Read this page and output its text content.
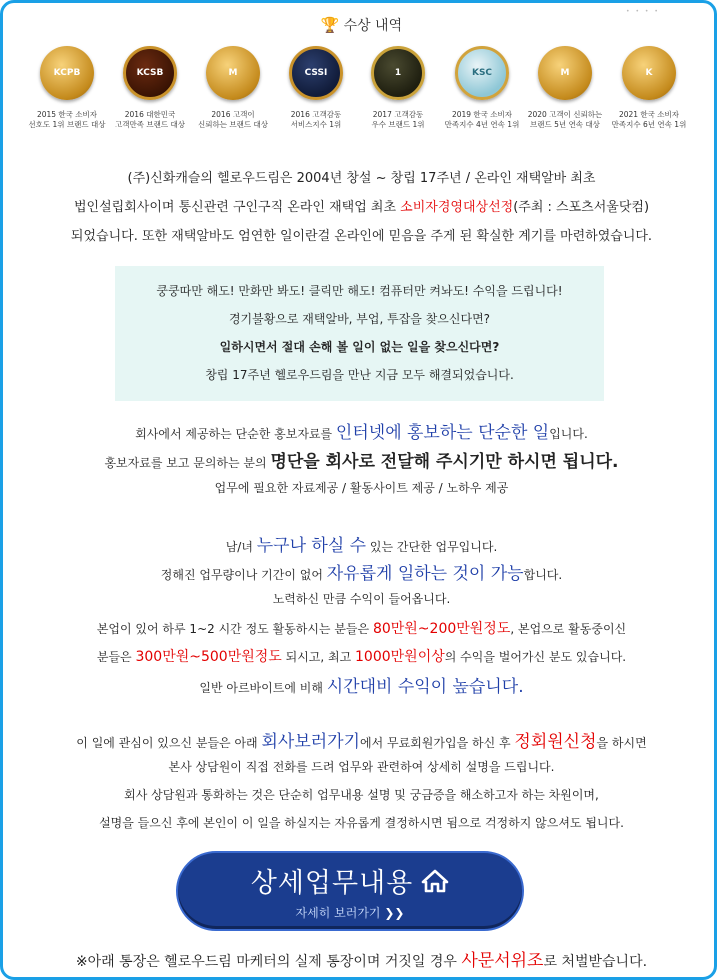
• • • •
🏆 수상 내역
KCPB
2015 한국 소비자
선호도 1위 브랜드 대상
KCSB
2016 대한민국
고객만족 브랜드 대상
M
2016 고객이
신뢰하는 브랜드 대상
CSSI
2016 고객감동
서비스지수 1위
1
2017 고객감동
우수 브랜드 1위
KSC
2019 한국 소비자
만족지수 4년 연속 1위
M
2020 고객이 신뢰하는
브랜드 5년 연속 대상
K
2021 한국 소비자
만족지수 6년 연속 1위
(주)신화캐슬의 헬로우드림은 2004년 창설 ~ 창립 17주년 / 온라인 재택알바 최초
법인설립회사이며 통신관련 구인구직 온라인 재택업 최초 소비자경영대상선정(주최 : 스포츠서울닷컴)
되었습니다. 또한 재택알바도 엄연한 일이란걸 온라인에 믿음을 주게 된 확실한 계기를 마련하였습니다.
쿵쿵따만 해도! 만화만 봐도! 클릭만 해도! 컴퓨터만 켜놔도! 수익을 드립니다!
경기불황으로 재택알바, 부업, 투잡을 찾으신다면?
일하시면서 절대 손해 볼 일이 없는 일을 찾으신다면?
창립 17주년 헬로우드림을 만난 지금 모두 해결되었습니다.
회사에서 제공하는 단순한 홍보자료를 인터넷에 홍보하는 단순한 일입니다.
홍보자료를 보고 문의하는 분의 명단을 회사로 전달해 주시기만 하시면 됩니다.
업무에 필요한 자료제공 / 활동사이트 제공 / 노하우 제공
남/녀 누구나 하실 수 있는 간단한 업무입니다.
정해진 업무량이나 기간이 없어 자유롭게 일하는 것이 가능합니다.
노력하신 만큼 수익이 들어옵니다.
본업이 있어 하루 1~2 시간 정도 활동하시는 분들은 80만원~200만원정도, 본업으로 활동중이신
분들은 300만원~500만원정도 되시고, 최고 1000만원이상의 수익을 벌어가신 분도 있습니다.
일반 아르바이트에 비해 시간대비 수익이 높습니다.
이 일에 관심이 있으신 분들은 아래 회사보러가기에서 무료회원가입을 하신 후 정회원신청을 하시면
본사 상담원이 직접 전화를 드려 업무와 관련하여 상세히 설명을 드립니다.
회사 상담원과 통화하는 것은 단순히 업무내용 설명 및 궁금증을 해소하고자 하는 차원이며,
설명을 들으신 후에 본인이 이 일을 하실지는 자유롭게 결정하시면 됨으로 걱정하지 않으셔도 됩니다.
상세업무내용
자세히 보러가기 ❯❯
※아래 통장은 헬로우드림 마케터의 실제 통장이며 거짓일 경우 사문서위조로 처벌받습니다.
